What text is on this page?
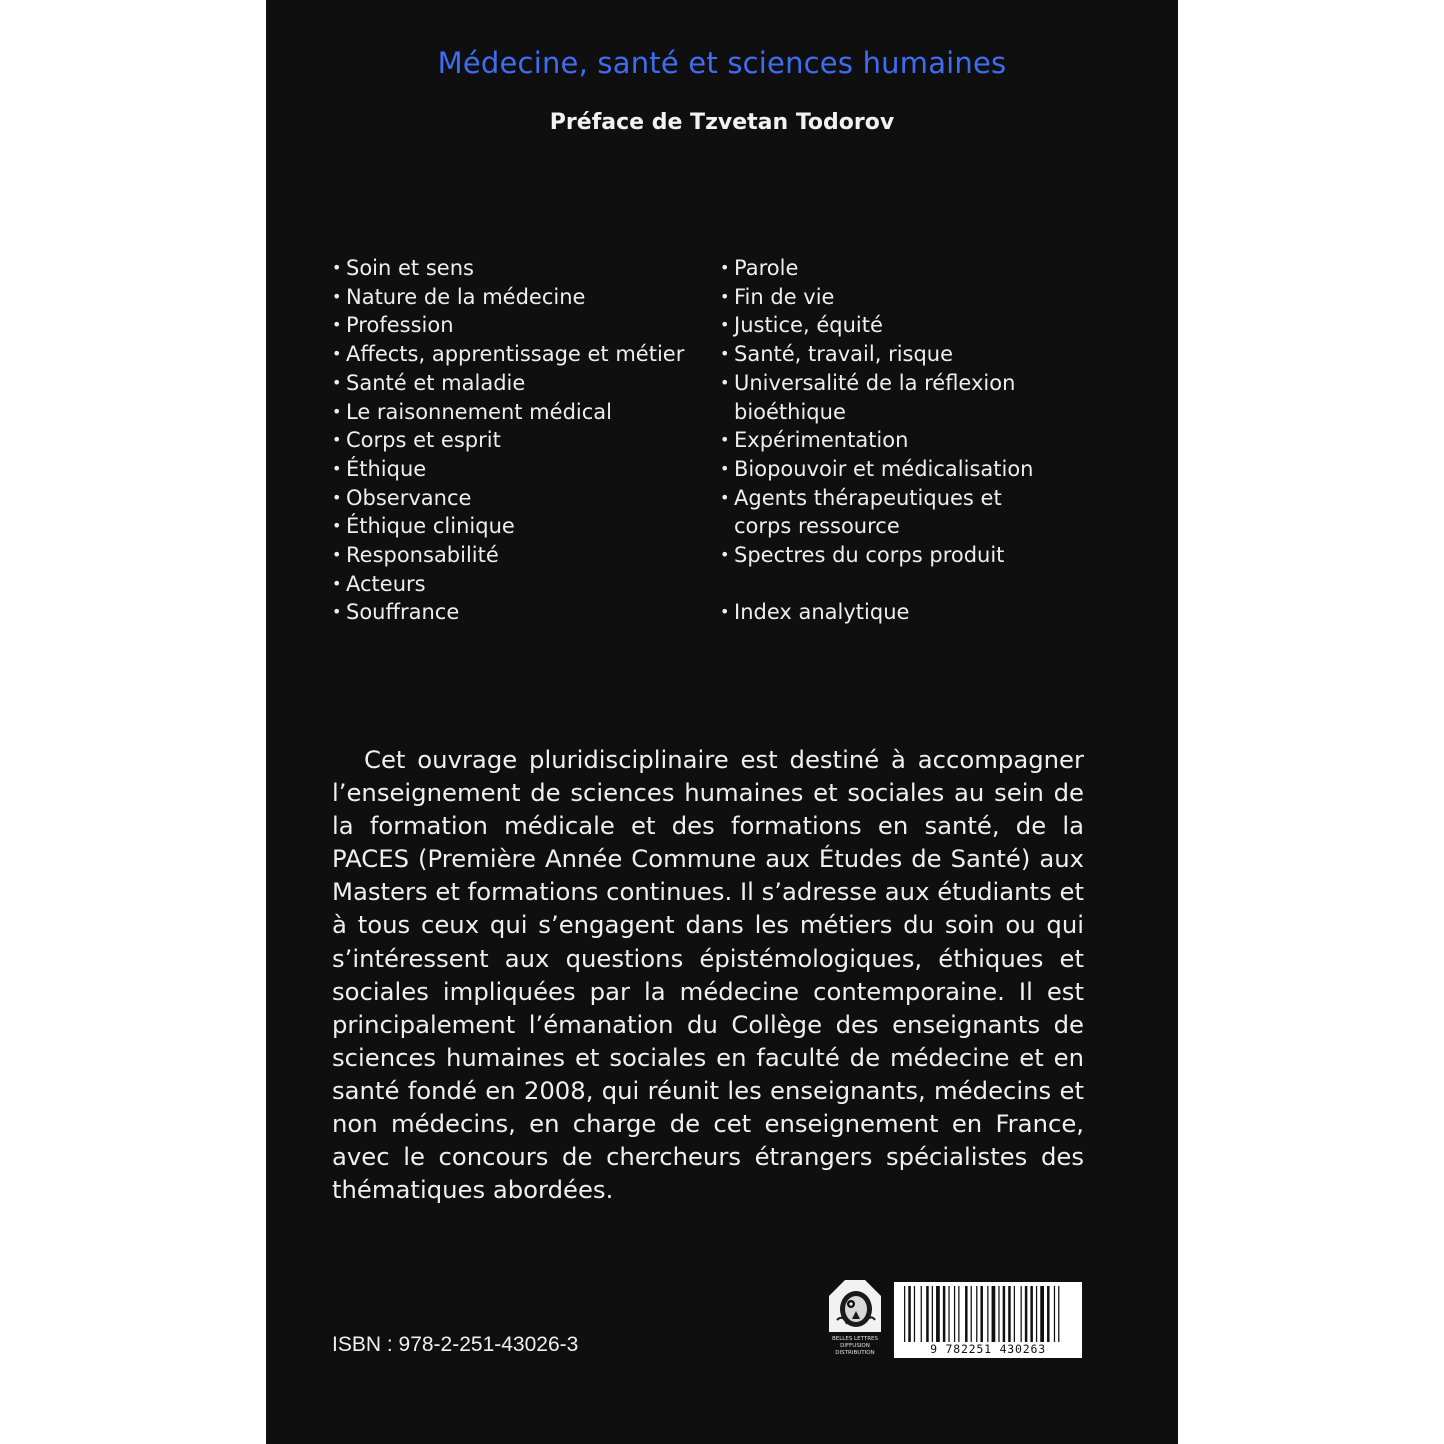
Médecine, santé et sciences humaines
Préface de Tzvetan Todorov
• Soin et sens
• Nature de la médecine
• Profession
• Affects, apprentissage et métier
• Santé et maladie
• Le raisonnement médical
• Corps et esprit
• Éthique
• Observance
• Éthique clinique
• Responsabilité
• Acteurs
• Souffrance
• Parole
• Fin de vie
• Justice, équité
• Santé, travail, risque
• Universalité de la réflexion
bioéthique
• Expérimentation
• Biopouvoir et médicalisation
• Agents thérapeutiques et
corps ressource
• Spectres du corps produit
• Index analytique

Cet ouvrage pluridisciplinaire est destiné à accompagner l’enseignement de sciences humaines et sociales au sein de la formation médicale et des formations en santé, de la PACES (Première Année Commune aux Études de Santé) aux Masters et formations continues. Il s’adresse aux étudiants et à tous ceux qui s’engagent dans les métiers du soin ou qui s’intéressent aux questions épistémologiques, éthiques et sociales impliquées par la médecine contemporaine. Il est principalement l’émanation du Collège des enseignants de sciences humaines et sociales en faculté de médecine et en santé fondé en 2008, qui réunit les enseignants, médecins et non médecins, en charge de cet enseignement en France, avec le concours de chercheurs étrangers spécialistes des thématiques abordées.

ISBN : 978-2-251-43026-3	BELLES LETTRES
DIFFUSION
DISTRIBUTION	9 782251 430263
